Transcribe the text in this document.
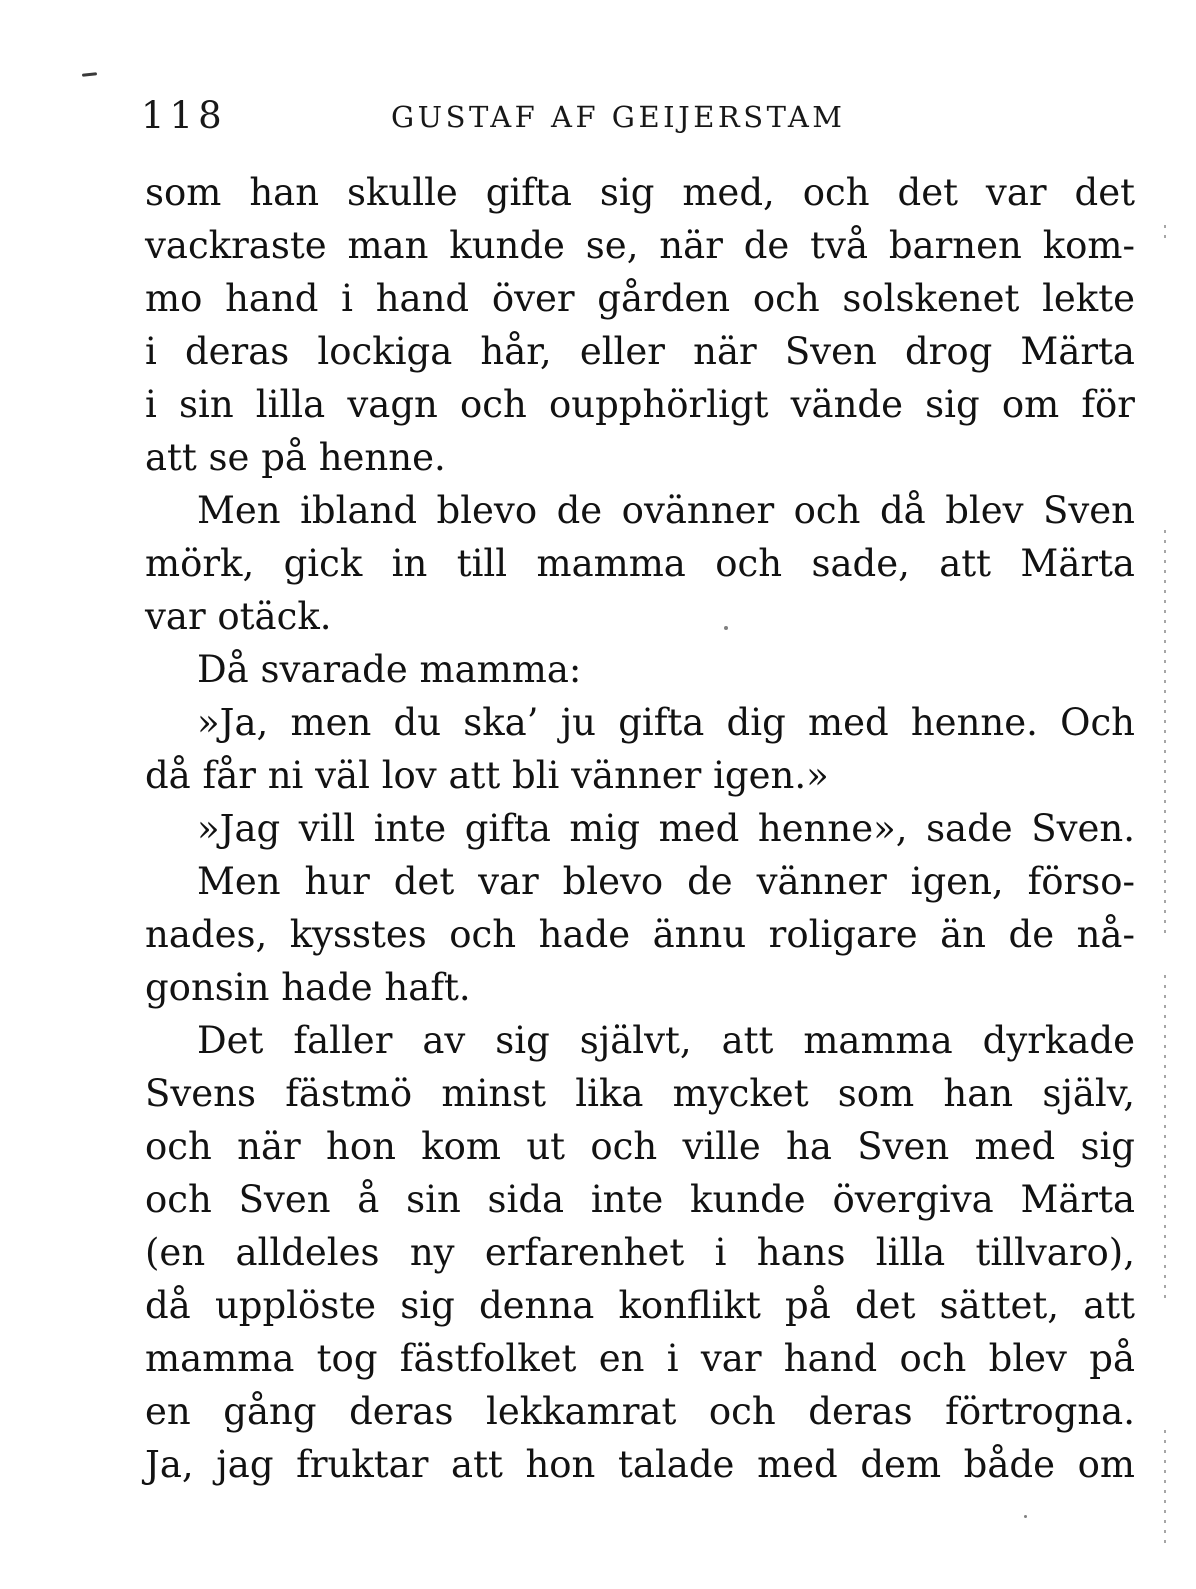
118	GUSTAF AF GEIJERSTAM
som han skulle gifta sig med, och det var det
vackraste man kunde se, när de två barnen kom-
mo hand i hand över gården och solskenet lekte
i deras lockiga hår, eller när Sven drog Märta
i sin lilla vagn och oupphörligt vände sig om för
att se på henne.
Men ibland blevo de ovänner och då blev Sven
mörk, gick in till mamma och sade, att Märta
var otäck.
Då svarade mamma:
»Ja, men du ska’ ju gifta dig med henne. Och
då får ni väl lov att bli vänner igen.»
»Jag vill inte gifta mig med henne», sade Sven.
Men hur det var blevo de vänner igen, förso-
nades, kysstes och hade ännu roligare än de nå-
gonsin hade haft.
Det faller av sig självt, att mamma dyrkade
Svens fästmö minst lika mycket som han själv,
och när hon kom ut och ville ha Sven med sig
och Sven å sin sida inte kunde övergiva Märta
(en alldeles ny erfarenhet i hans lilla tillvaro),
då upplöste sig denna konflikt på det sättet, att
mamma tog fästfolket en i var hand och blev på
en gång deras lekkamrat och deras förtrogna.
Ja, jag fruktar att hon talade med dem både om
